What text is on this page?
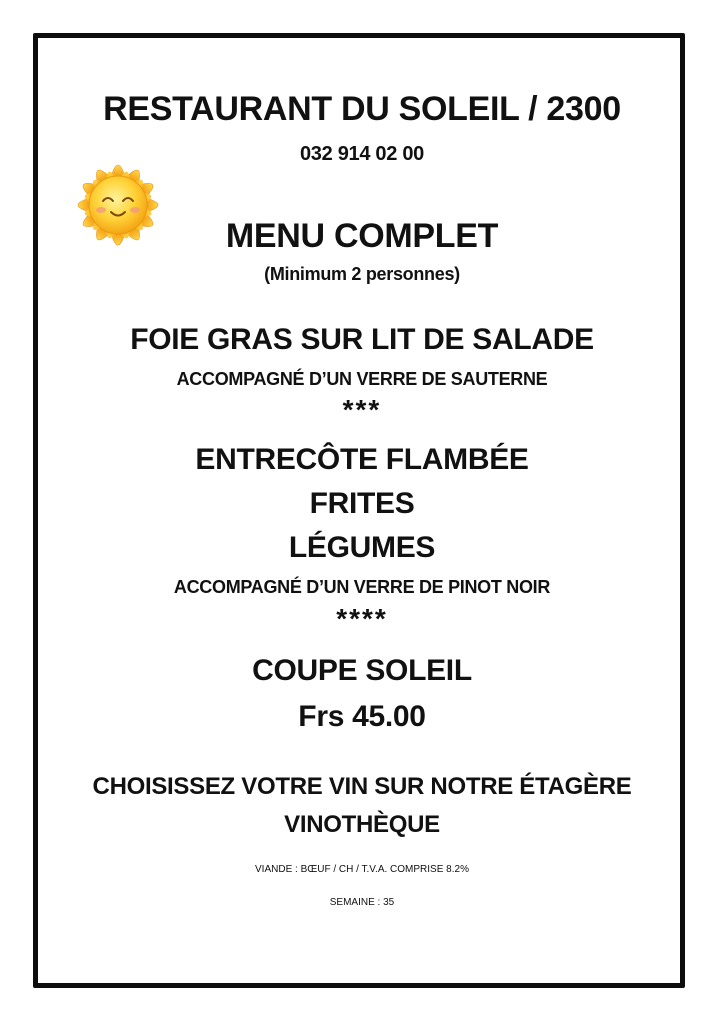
RESTAURANT DU SOLEIL / 2300
032 914 02 00
MENU COMPLET
(Minimum 2 personnes)
FOIE GRAS SUR LIT DE SALADE
ACCOMPAGNÉ D’UN VERRE DE SAUTERNE
***
ENTRECÔTE FLAMBÉE
FRITES
LÉGUMES
ACCOMPAGNÉ D’UN VERRE DE PINOT NOIR
****
COUPE SOLEIL
Frs 45.00
CHOISISSEZ VOTRE VIN SUR NOTRE ÉTAGÈRE
VINOTHÈQUE
VIANDE : BŒUF / CH / T.V.A. COMPRISE 8.2%
SEMAINE : 35
